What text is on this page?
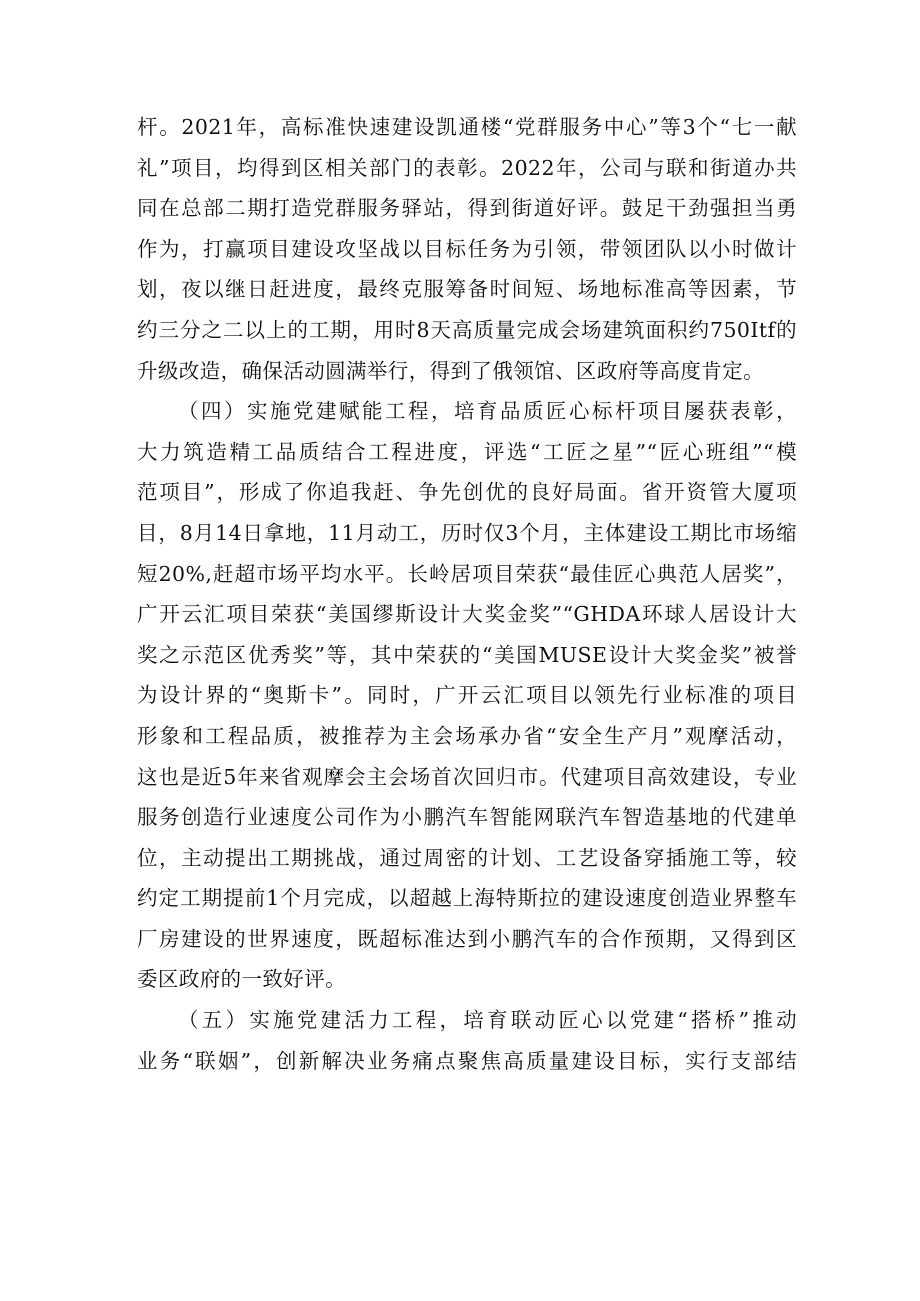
杆。2021年，高标准快速建设凯通楼“党群服务中心”等3个“七一献
礼”项目，均得到区相关部门的表彰。2022年，公司与联和街道办共
同在总部二期打造党群服务驿站，得到街道好评。鼓足干劲强担当勇
作为，打赢项目建设攻坚战以目标任务为引领，带领团队以小时做计
划，夜以继日赶进度，最终克服筹备时间短、场地标准高等因素，节
约三分之二以上的工期，用时8天高质量完成会场建筑面积约750Itf的
升级改造，确保活动圆满举行，得到了俄领馆、区政府等高度肯定。
（四）实施党建赋能工程，培育品质匠心标杆项目屡获表彰，
大力筑造精工品质结合工程进度，评选“工匠之星”“匠心班组”“模
范项目”，形成了你追我赶、争先创优的良好局面。省开资管大厦项
目，8月14日拿地，11月动工，历时仅3个月，主体建设工期比市场缩
短20%,赶超市场平均水平。长岭居项目荣获“最佳匠心典范人居奖”，
广开云汇项目荣获“美国缪斯设计大奖金奖”“GHDA环球人居设计大
奖之示范区优秀奖”等，其中荣获的“美国MUSE设计大奖金奖”被誉
为设计界的“奥斯卡”。同时，广开云汇项目以领先行业标准的项目
形象和工程品质，被推荐为主会场承办省“安全生产月”观摩活动，
这也是近5年来省观摩会主会场首次回归市。代建项目高效建设，专业
服务创造行业速度公司作为小鹏汽车智能网联汽车智造基地的代建单
位，主动提出工期挑战，通过周密的计划、工艺设备穿插施工等，较
约定工期提前1个月完成，以超越上海特斯拉的建设速度创造业界整车
厂房建设的世界速度，既超标准达到小鹏汽车的合作预期，又得到区
委区政府的一致好评。
（五）实施党建活力工程，培育联动匠心以党建“搭桥”推动
业务“联姻”，创新解决业务痛点聚焦高质量建设目标，实行支部结
